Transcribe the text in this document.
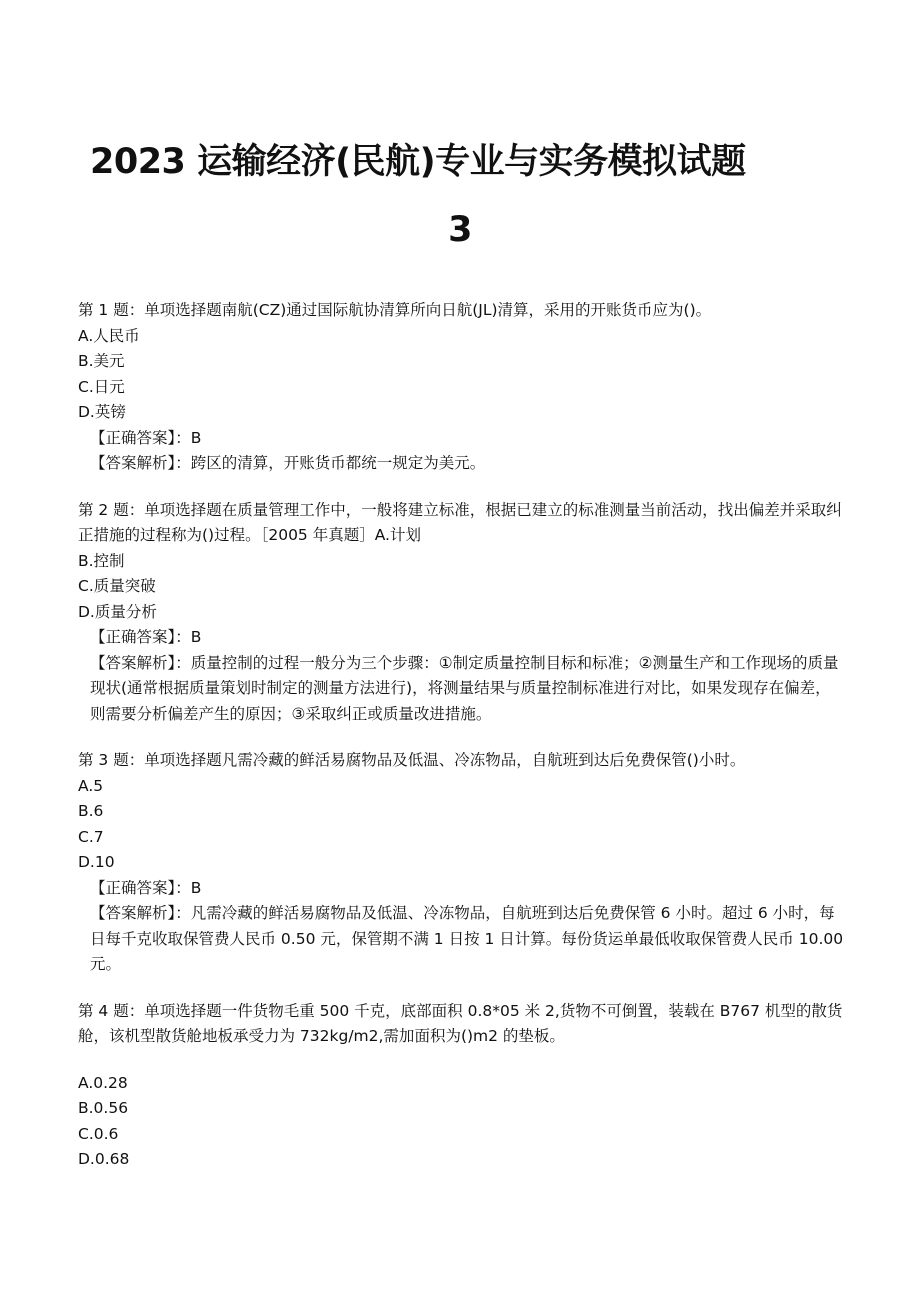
2023 运输经济(民航)专业与实务模拟试题
3

第 1 题：单项选择题南航(CZ)通过国际航协清算所向日航(JL)清算，采用的开账货币应为()。

A.人民币

B.美元

C.日元

D.英镑

【正确答案】：B

【答案解析】：跨区的清算，开账货币都统一规定为美元。

第 2 题：单项选择题在质量管理工作中，一般将建立标准，根据已建立的标准测量当前活动，找出偏差并采取纠正措施的过程称为()过程。［2005 年真题］A.计划

B.控制

C.质量突破

D.质量分析

【正确答案】：B

【答案解析】：质量控制的过程一般分为三个步骤：①制定质量控制目标和标准；②测量生产和工作现场的质量现状(通常根据质量策划时制定的测量方法进行)，将测量结果与质量控制标准进行对比，如果发现存在偏差，则需要分析偏差产生的原因；③采取纠正或质量改进措施。

第 3 题：单项选择题凡需冷藏的鲜活易腐物品及低温、冷冻物品，自航班到达后免费保管()小时。

A.5

B.6

C.7

D.10

【正确答案】：B

【答案解析】：凡需冷藏的鲜活易腐物品及低温、冷冻物品，自航班到达后免费保管 6 小时。超过 6 小时，每日每千克收取保管费人民币 0.50 元，保管期不满 1 日按 1 日计算。每份货运单最低收取保管费人民币 10.00 元。

第 4 题：单项选择题一件货物毛重 500 千克，底部面积 0.8*05 米 2,货物不可倒置，装载在 B767 机型的散货舱，该机型散货舱地板承受力为 732kg/m2,需加面积为()m2 的垫板。

A.0.28

B.0.56

C.0.6

D.0.68
